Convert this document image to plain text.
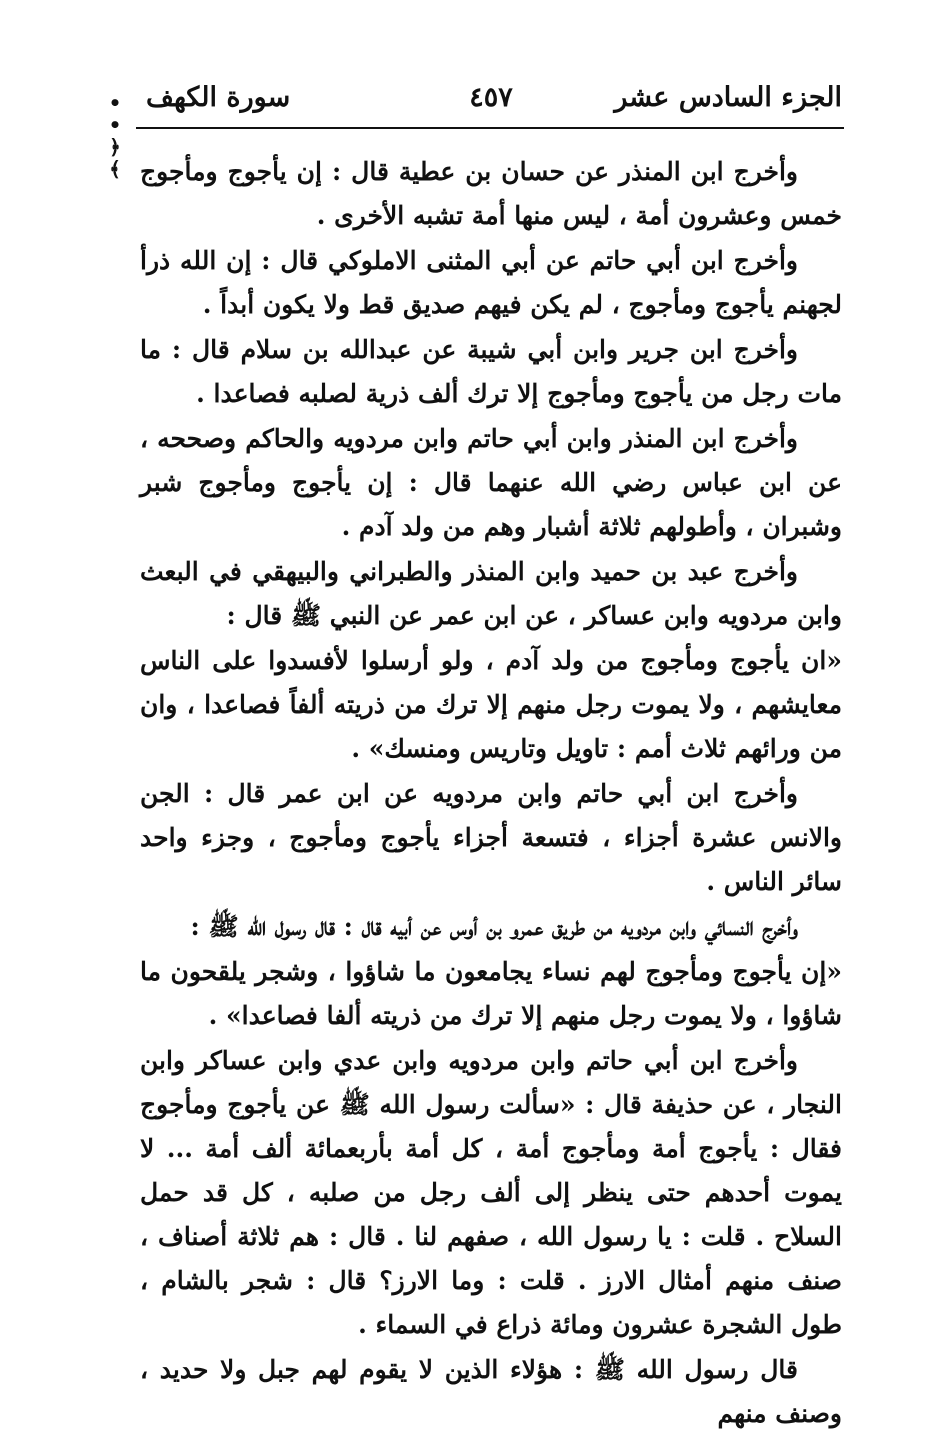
الجزء السادس عشر
٤٥٧
سورة الكهف
• • ﴿ ﴾ وأخرج ابن المنذر عن حسان بن عطية قال : إن يأجوج ومأجوج خمس وعشرون أمة ، ليس منها أمة تشبه الأخرى .

وأخرج ابن أبي حاتم عن أبي المثنى الاملوكي قال : إن الله ذرأ لجهنم يأجوج ومأجوج ، لم يكن فيهم صديق قط ولا يكون أبداً .

وأخرج ابن جرير وابن أبي شيبة عن عبدالله بن سلام قال : ما مات رجل من يأجوج ومأجوج إلا ترك ألف ذرية لصلبه فصاعدا .

وأخرج ابن المنذر وابن أبي حاتم وابن مردويه والحاكم وصححه ، عن ابن عباس رضي الله عنهما قال : إن يأجوج ومأجوج شبر وشبران ، وأطولهم ثلاثة أشبار وهم من ولد آدم .

وأخرج عبد بن حميد وابن المنذر والطبراني والبيهقي في البعث وابن مردويه وابن عساكر ، عن ابن عمر عن النبي ﷺ قال :

«ان يأجوج ومأجوج من ولد آدم ، ولو أرسلوا لأفسدوا على الناس معايشهم ، ولا يموت رجل منهم إلا ترك من ذريته ألفاً فصاعدا ، وان من ورائهم ثلاث أمم : تاويل وتاريس ومنسك» .

وأخرج ابن أبي حاتم وابن مردويه عن ابن عمر قال : الجن والانس عشرة أجزاء ، فتسعة أجزاء يأجوج ومأجوج ، وجزء واحد سائر الناس .

وأخرج النسائي وابن مردويه من طريق عمرو بن أوس عن أبيه قال : قال رسول الله ﷺ :

«إن يأجوج ومأجوج لهم نساء يجامعون ما شاؤوا ، وشجر يلقحون ما شاؤوا ، ولا يموت رجل منهم إلا ترك من ذريته ألفا فصاعدا» .

وأخرج ابن أبي حاتم وابن مردويه وابن عدي وابن عساكر وابن النجار ، عن حذيفة قال : «سألت رسول الله ﷺ عن يأجوج ومأجوج فقال : يأجوج أمة ومأجوج أمة ، كل أمة بأربعمائة ألف أمة ... لا يموت أحدهم حتى ينظر إلى ألف رجل من صلبه ، كل قد حمل السلاح . قلت : يا رسول الله ، صفهم لنا . قال : هم ثلاثة أصناف ، صنف منهم أمثال الارز . قلت : وما الارز؟ قال : شجر بالشام ، طول الشجرة عشرون ومائة ذراع في السماء .

قال رسول الله ﷺ : هؤلاء الذين لا يقوم لهم جبل ولا حديد ، وصنف منهم
